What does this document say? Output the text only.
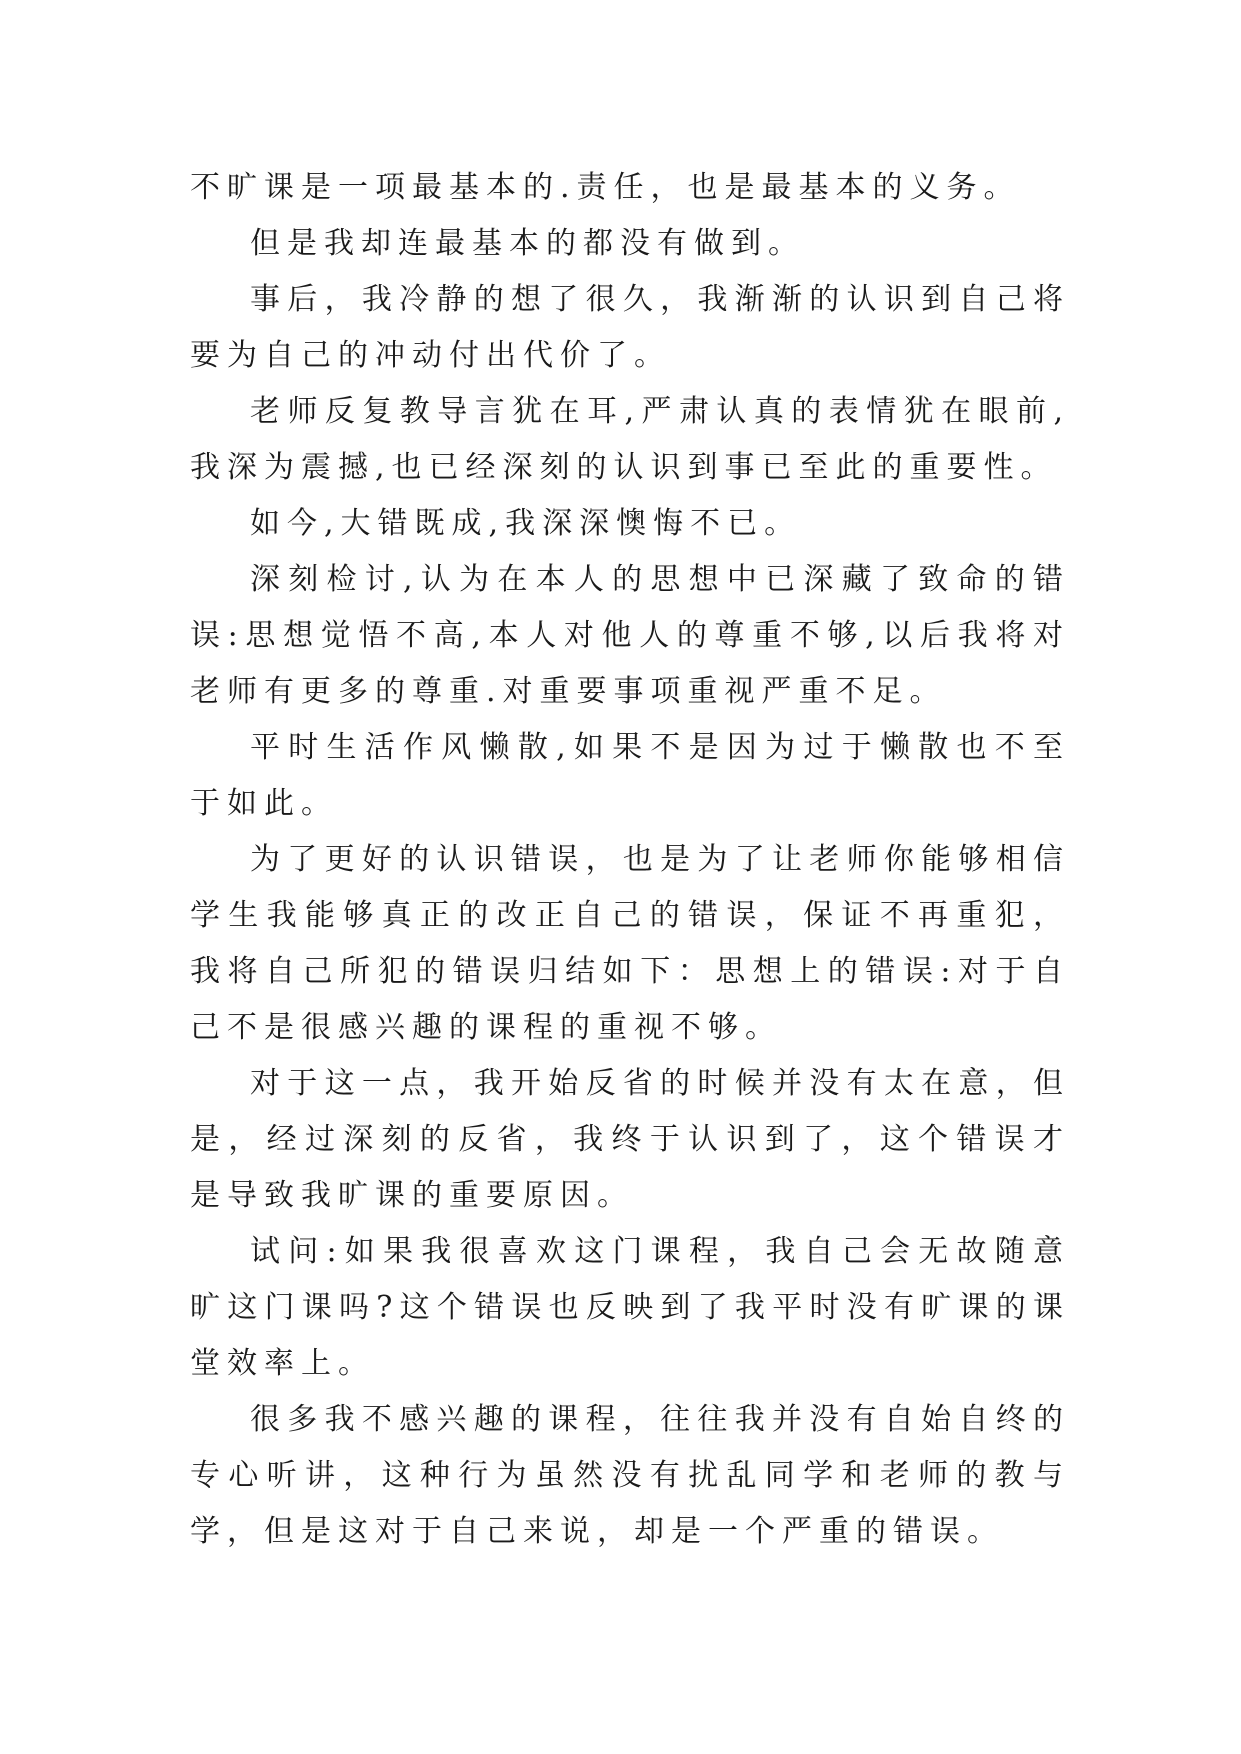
不旷课是一项最基本的.责任，也是最基本的义务。

但是我却连最基本的都没有做到。

事后，我冷静的想了很久，我渐渐的认识到自己将要为自己的冲动付出代价了。

老师反复教导言犹在耳,严肃认真的表情犹在眼前,我深为震撼,也已经深刻的认识到事已至此的重要性。

如今,大错既成,我深深懊悔不已。

深刻检讨,认为在本人的思想中已深藏了致命的错误:思想觉悟不高,本人对他人的尊重不够,以后我将对老师有更多的尊重.对重要事项重视严重不足。

平时生活作风懒散,如果不是因为过于懒散也不至于如此。

为了更好的认识错误，也是为了让老师你能够相信学生我能够真正的改正自己的错误，保证不再重犯，我将自己所犯的错误归结如下：思想上的错误:对于自己不是很感兴趣的课程的重视不够。

对于这一点，我开始反省的时候并没有太在意，但是，经过深刻的反省，我终于认识到了，这个错误才是导致我旷课的重要原因。

试问:如果我很喜欢这门课程，我自己会无故随意旷这门课吗?这个错误也反映到了我平时没有旷课的课堂效率上。

很多我不感兴趣的课程，往往我并没有自始自终的专心听讲，这种行为虽然没有扰乱同学和老师的教与学，但是这对于自己来说，却是一个严重的错误。
